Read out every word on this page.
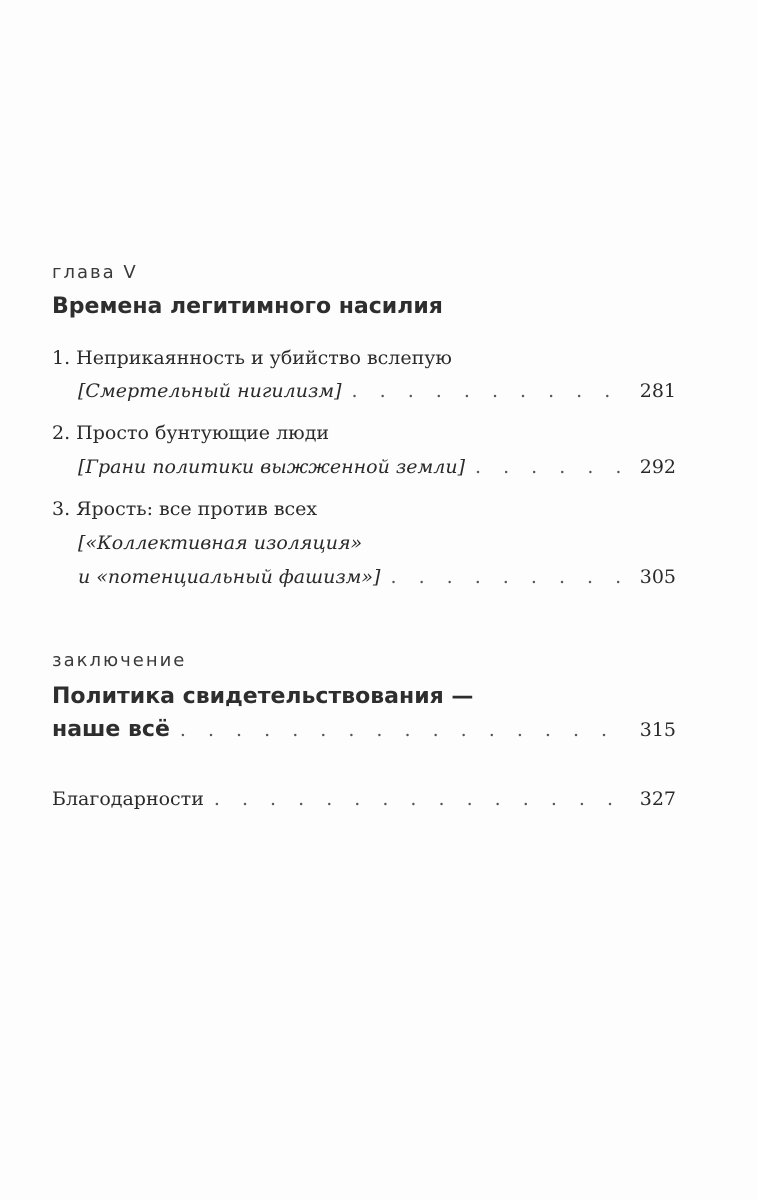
глава V
Времена легитимного насилия
1. Неприкаянность и убийство вслепую
[Смертельный нигилизм] . . .	281
2. Просто бунтующие люди
[Грани политики выжженной земли] . . .	292
3. Ярость: все против всех
[«Коллективная изоляция»
и «потенциальный фашизм»] . . .	305
заключение
Политика свидетельствования —
наше всё . . .	315
Благодарности . . .	327
